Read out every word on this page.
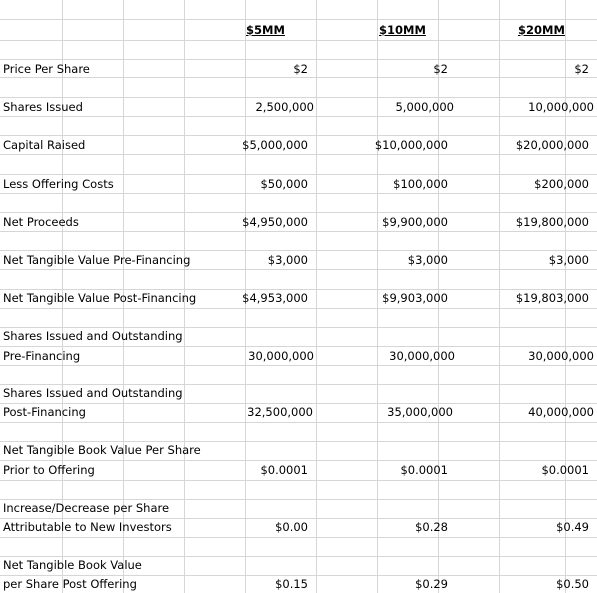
$5MM	$10MM	$20MM
Price Per Share	$2	$2	$2
Shares Issued	2,500,000	5,000,000	10,000,000
Capital Raised	$5,000,000	$10,000,000	$20,000,000
Less Offering Costs	$50,000	$100,000	$200,000
Net Proceeds	$4,950,000	$9,900,000	$19,800,000
Net Tangible Value Pre-Financing	$3,000	$3,000	$3,000
Net Tangible Value Post-Financing	$4,953,000	$9,903,000	$19,803,000
Shares Issued and Outstanding
Pre-Financing	30,000,000	30,000,000	30,000,000
Shares Issued and Outstanding
Post-Financing	32,500,000	35,000,000	40,000,000
Net Tangible Book Value Per Share
Prior to Offering	$0.0001	$0.0001	$0.0001
Increase/Decrease per Share
Attributable to New Investors	$0.00	$0.28	$0.49
Net Tangible Book Value
per Share Post Offering	$0.15	$0.29	$0.50
